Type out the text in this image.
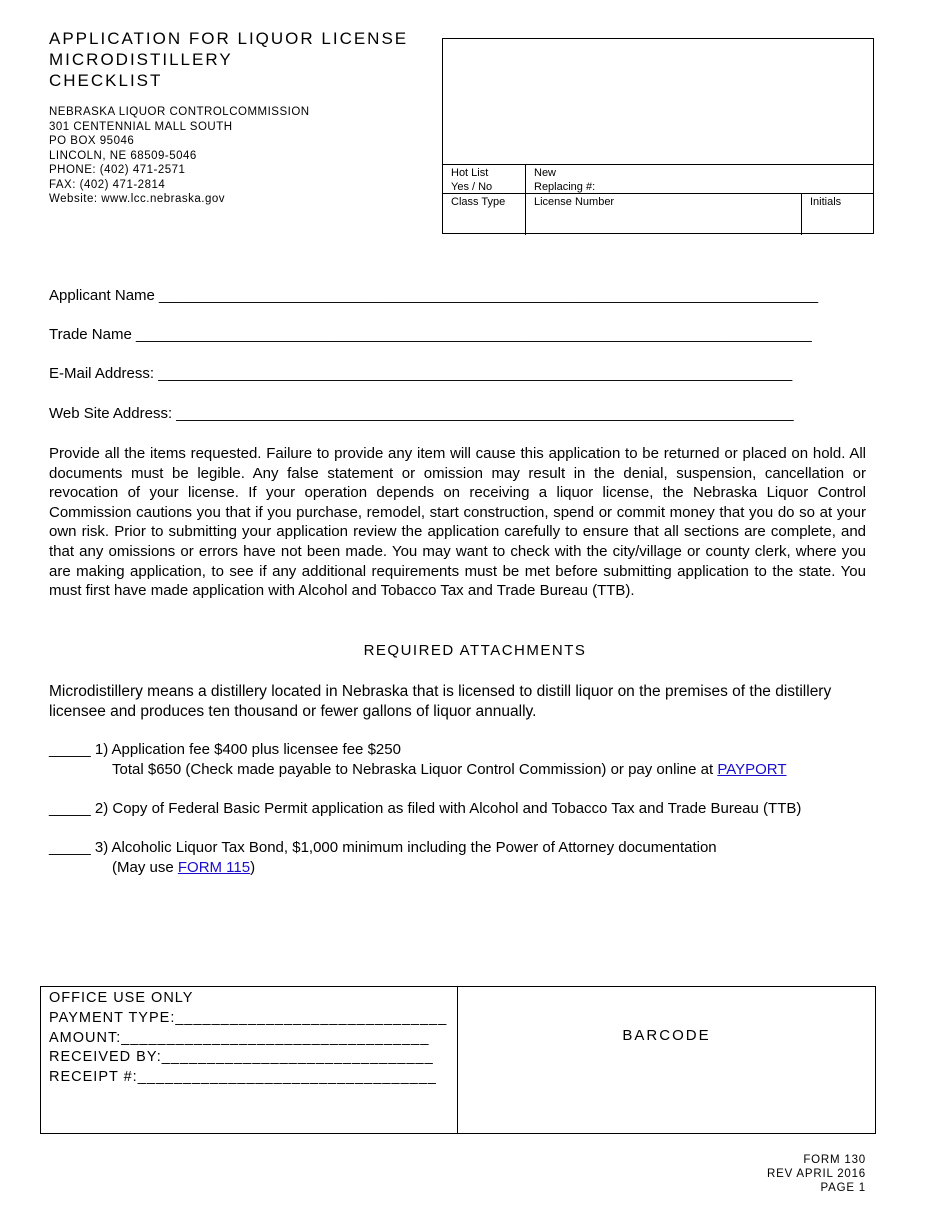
APPLICATION FOR LIQUOR LICENSE
MICRODISTILLERY
CHECKLIST
NEBRASKA LIQUOR CONTROLCOMMISSION
301 CENTENNIAL MALL SOUTH
PO BOX 95046
LINCOLN, NE 68509-5046
PHONE: (402) 471-2571
FAX: (402) 471-2814
Website: www.lcc.nebraska.gov
Hot List
Yes / No
New
Replacing #:
Class Type	License Number	Initials
Applicant Name _______________________________________________________________________________
Trade Name _________________________________________________________________________________
E-Mail Address: ____________________________________________________________________________
Web Site Address: __________________________________________________________________________
Provide all the items requested. Failure to provide any item will cause this application to be returned or placed on hold. All documents must be legible. Any false statement or omission may result in the denial, suspension, cancellation or revocation of your license. If your operation depends on receiving a liquor license, the Nebraska Liquor Control Commission cautions you that if you purchase, remodel, start construction, spend or commit money that you do so at your own risk. Prior to submitting your application review the application carefully to ensure that all sections are complete, and that any omissions or errors have not been made. You may want to check with the city/village or county clerk, where you are making application, to see if any additional requirements must be met before submitting application to the state. You must first have made application with Alcohol and Tobacco Tax and Trade Bureau (TTB).
REQUIRED ATTACHMENTS
Microdistillery means a distillery located in Nebraska that is licensed to distill liquor on the premises of the distillery licensee and produces ten thousand or fewer gallons of liquor annually.
_____ 1) Application fee $400 plus licensee fee $250
Total $650 (Check made payable to Nebraska Liquor Control Commission) or pay online at PAYPORT
_____ 2) Copy of Federal Basic Permit application as filed with Alcohol and Tobacco Tax and Trade Bureau (TTB)
_____ 3) Alcoholic Liquor Tax Bond, $1,000 minimum including the Power of Attorney documentation
(May use FORM 115)
OFFICE USE ONLY
PAYMENT TYPE:______________________________
AMOUNT:__________________________________
RECEIVED BY:______________________________
RECEIPT #:_________________________________
BARCODE
FORM 130
REV APRIL 2016
PAGE 1
